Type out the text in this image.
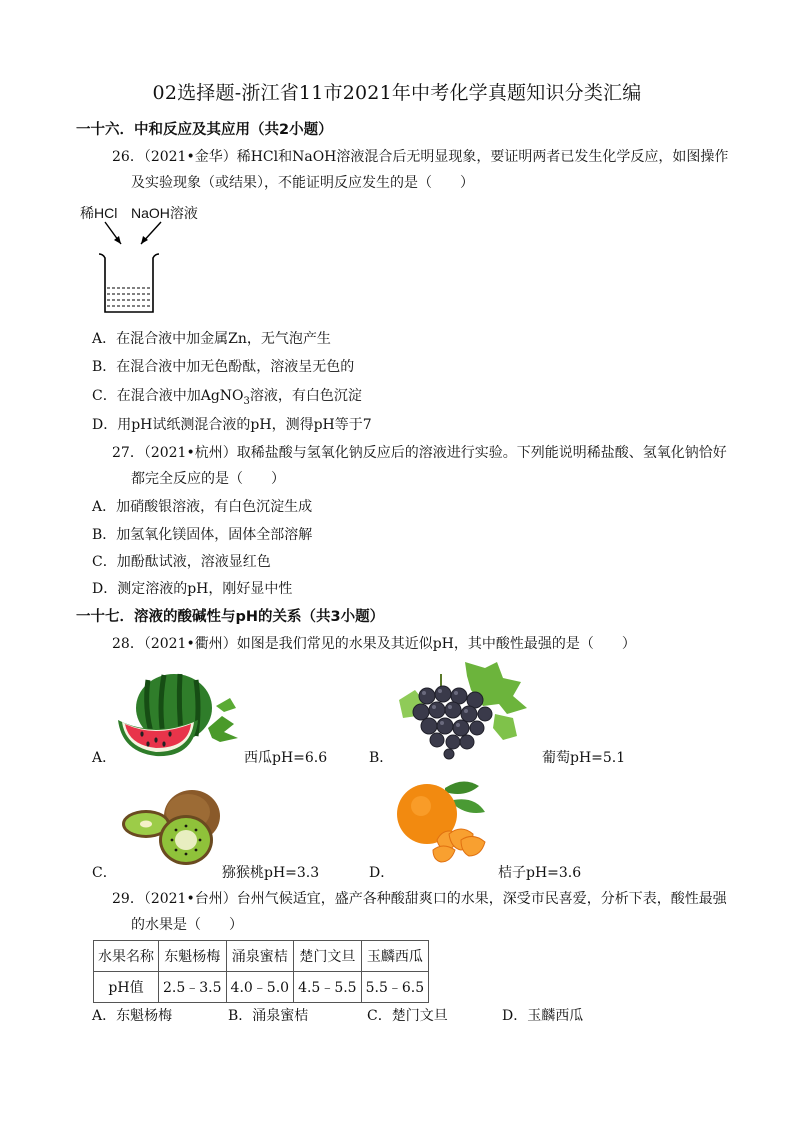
02选择题-浙江省11市2021年中考化学真题知识分类汇编
一十六．中和反应及其应用（共2小题）
26．（2021•金华）稀HCl和NaOH溶液混合后无明显现象，要证明两者已发生化学反应，如图操作
及实验现象（或结果），不能证明反应发生的是（　　）
稀HCl NaOH溶液
A．在混合液中加金属Zn，无气泡产生
B．在混合液中加无色酚酞，溶液呈无色的
C．在混合液中加AgNO$_3$溶液，有白色沉淀
D．用pH试纸测混合液的pH，测得pH等于7
27．（2021•杭州）取稀盐酸与氢氧化钠反应后的溶液进行实验。下列能说明稀盐酸、氢氧化钠恰好
都完全反应的是（　　）
A．加硝酸银溶液，有白色沉淀生成
B．加氢氧化镁固体，固体全部溶解
C．加酚酞试液，溶液显红色
D．测定溶液的pH，刚好显中性
一十七．溶液的酸碱性与pH的关系（共3小题）
28．（2021•衢州）如图是我们常见的水果及其近似pH，其中酸性最强的是（　　）
A．	西瓜pH=6.6	B．	葡萄pH=5.1
C．	猕猴桃pH=3.3	D．	桔子pH=3.6
29．（2021•台州）台州气候适宜，盛产各种酸甜爽口的水果，深受市民喜爱，分析下表，酸性最强
的水果是（　　）
水果名称	东魁杨梅	涌泉蜜桔	楚门文旦	玉麟西瓜
pH值	2.5﹣3.5	4.0﹣5.0	4.5﹣5.5	5.5﹣6.5
A．东魁杨梅	B．涌泉蜜桔	C．楚门文旦	D．玉麟西瓜
